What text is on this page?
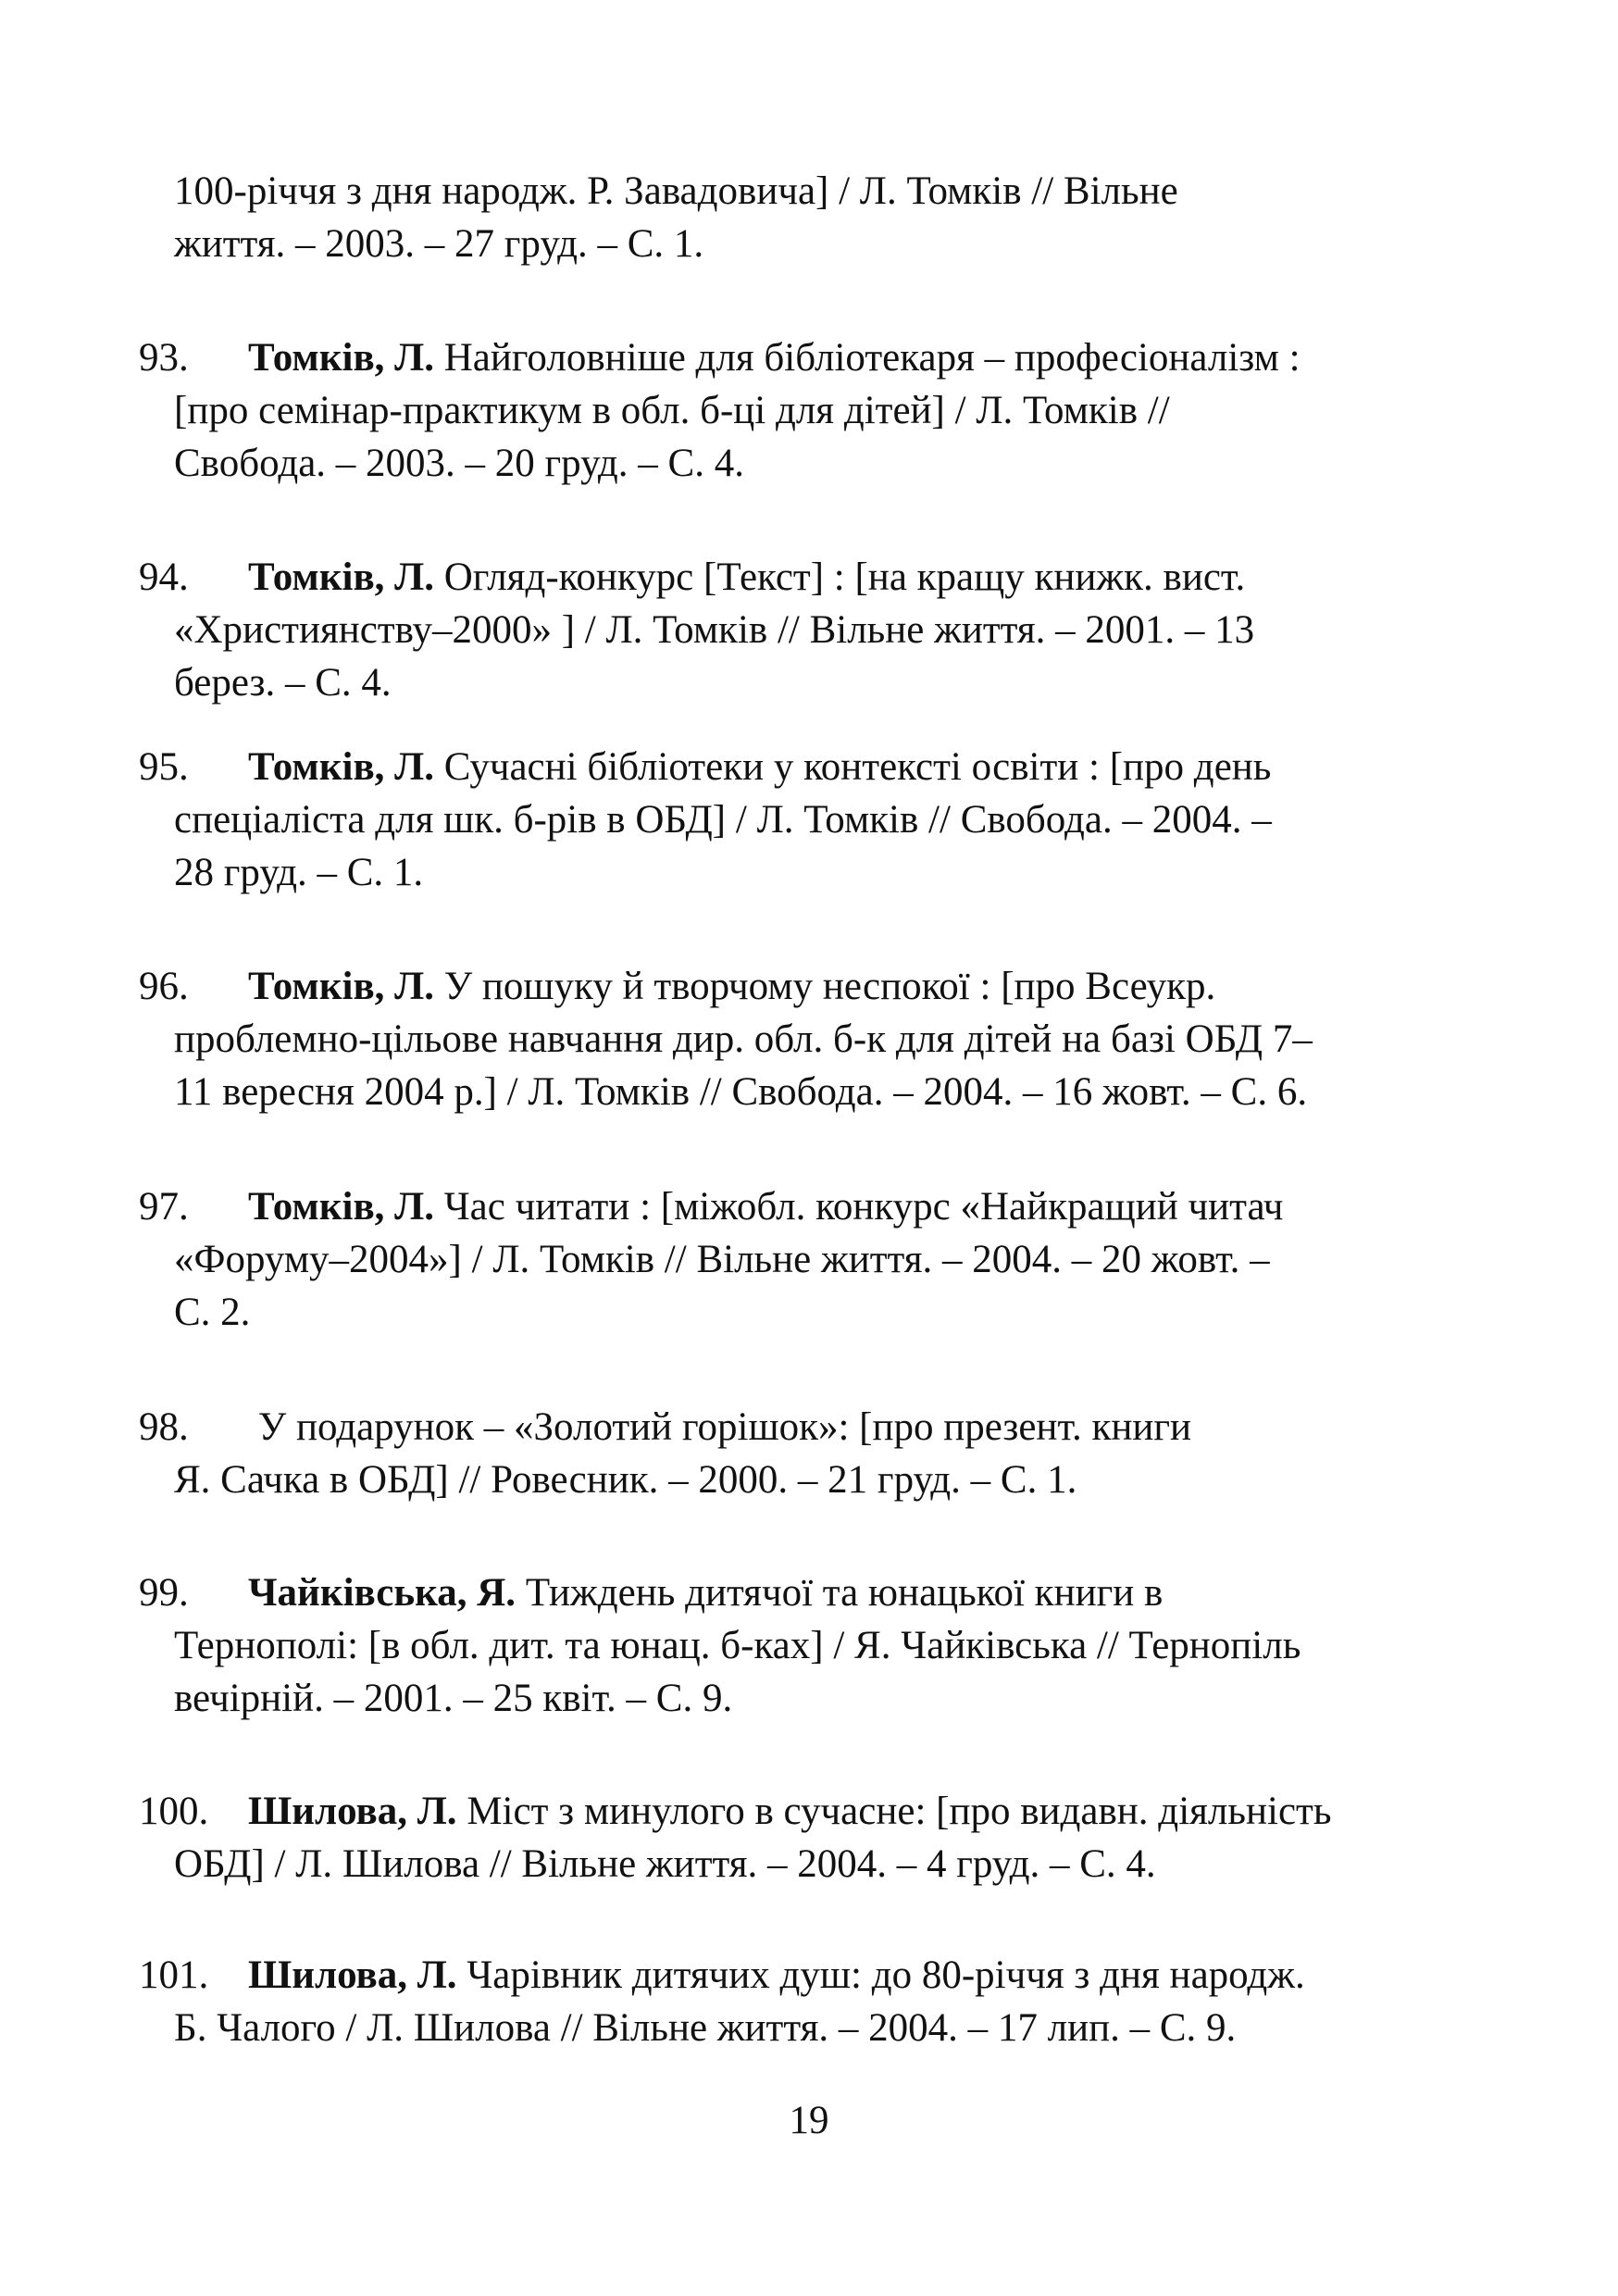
100-річчя з дня народж. Р. Завадовича] / Л. Томків // Вільне
життя. – 2003. – 27 груд. – С. 1.
93. Томків, Л. Найголовніше для бібліотекаря – професіоналізм :
[про семінар-практикум в обл. б-ці для дітей] / Л. Томків //
Свобода. – 2003. – 20 груд. – С. 4.
94. Томків, Л. Огляд-конкурс [Текст] : [на кращу книжк. вист.
«Християнству–2000» ] / Л. Томків // Вільне життя. – 2001. – 13
берез. – С. 4.
95. Томків, Л. Сучасні бібліотеки у контексті освіти : [про день
спеціаліста для шк. б-рів в ОБД] / Л. Томків // Свобода. – 2004. –
28 груд. – С. 1.
96. Томків, Л. У пошуку й творчому неспокої : [про Всеукр.
проблемно-цільове навчання дир. обл. б-к для дітей на базі ОБД 7–
11 вересня 2004 р.] / Л. Томків // Свобода. – 2004. – 16 жовт. – С. 6.
97. Томків, Л. Час читати : [міжобл. конкурс «Найкращий читач
«Форуму–2004»] / Л. Томків // Вільне життя. – 2004. – 20 жовт. –
С. 2.
98. У подарунок – «Золотий горішок»: [про презент. книги
Я. Сачка в ОБД] // Ровесник. – 2000. – 21 груд. – С. 1.
99. Чайківська, Я. Тиждень дитячої та юнацької книги в
Тернополі: [в обл. дит. та юнац. б-ках] / Я. Чайківська // Тернопіль
вечірній. – 2001. – 25 квіт. – С. 9.
100. Шилова, Л. Міст з минулого в сучасне: [про видавн. діяльність
ОБД] / Л. Шилова // Вільне життя. – 2004. – 4 груд. – С. 4.
101. Шилова, Л. Чарівник дитячих душ: до 80-річчя з дня народж.
Б. Чалого / Л. Шилова // Вільне життя. – 2004. – 17 лип. – С. 9.
19
